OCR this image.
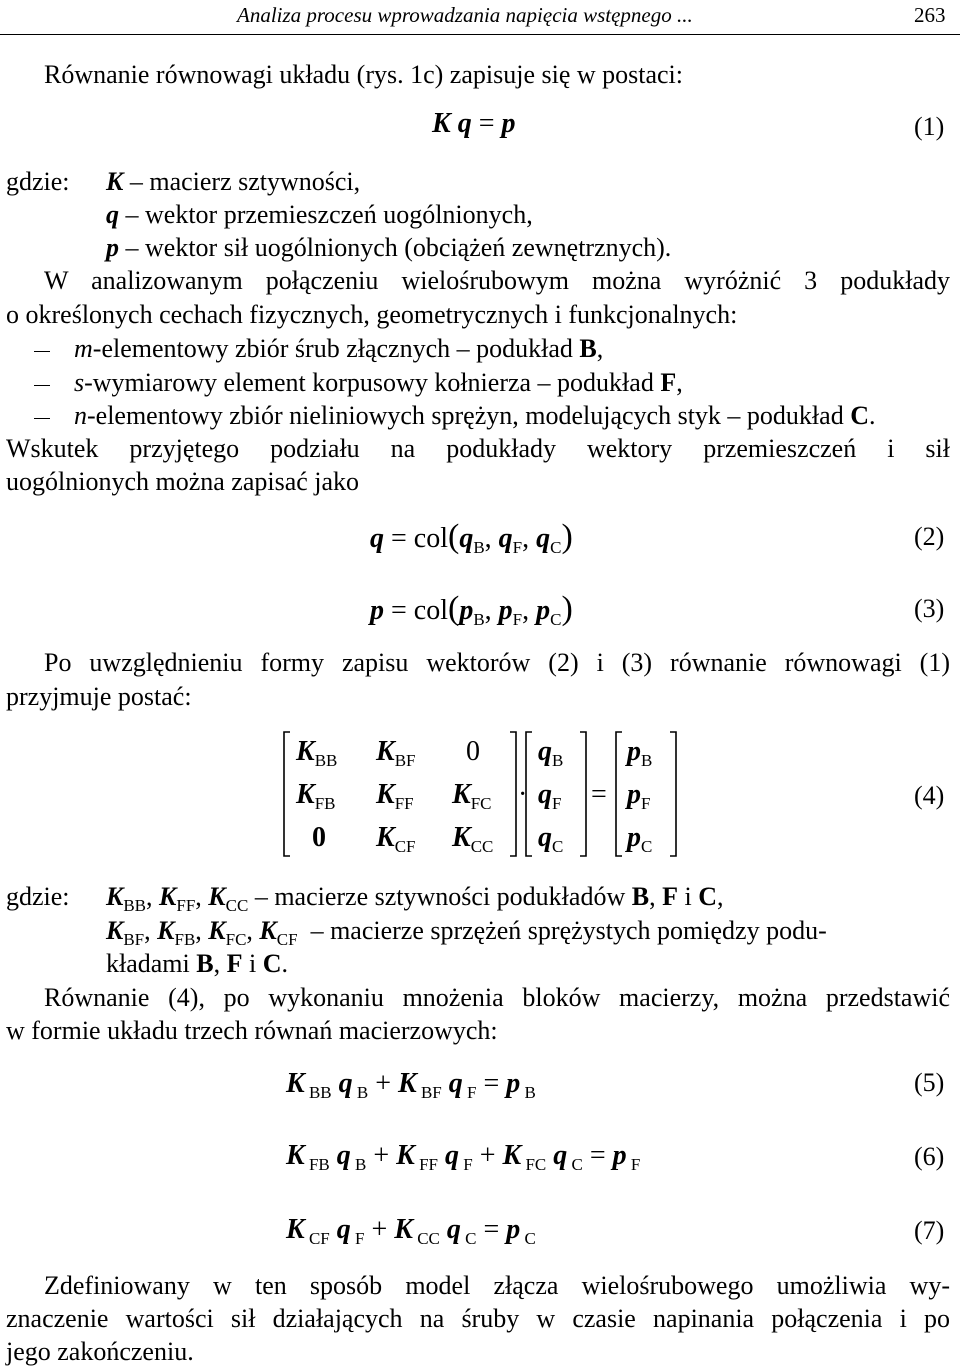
Analiza procesu wprowadzania napięcia wstępnego ...	263
Równanie równowagi układu (rys. 1c) zapisuje się w postaci:
K q = p	(1)
gdzie: K – macierz sztywności,
q – wektor przemieszczeń uogólnionych,
p – wektor sił uogólnionych (obciążeń zewnętrznych).
W analizowanym połączeniu wielośrubowym można wyróżnić 3 podukłady
o określonych cechach fizycznych, geometrycznych i funkcjonalnych:
m-elementowy zbiór śrub złącznych – podukład B,
s-wymiarowy element korpusowy kołnierza – podukład F,
n-elementowy zbiór nieliniowych sprężyn, modelujących styk – podukład C.
Wskutek przyjętego podziału na podukłady wektory przemieszczeń i sił
uogólnionych można zapisać jako
$q = col(q_B$, $q_F$, $q_C$)	(2)
$p = col(p_B$, $p_F$, $p_C$)	(3)
Po uwzględnieniu formy zapisu wektorów (2) i (3) równanie równowagi (1)
przyjmuje postać:
$K_{BB}$ $K_{BF}$ 0 $q_B$ $p_B$
$K_{FB}$ $K_{FF}$ $K_{FC} \cdot q_F = p_F$
0 $K_{CF}$ $K_{CC}$ $q_C$ $p_C$
(4)
gdzie: $K_{BB}$, $K_{FF}$, $K_{CC}$ – macierze sztywności podukładów B, F i C,
$K_{BF}$, $K_{FB}$, $K_{FC}$, $K_{CF}$ – macierze sprzężeń sprężystych pomiędzy podu-
kładami B, F i C.
Równanie (4), po wykonaniu mnożenia bloków macierzy, można przedstawić
w formie układu trzech równań macierzowych:
K $_{BB}$ q $_B$ + K $_{BF}$ q $_F$ = p $_B$	(5)
K $_{FB}$ q $_B$ + K $_{FF}$ q $_F$ + K $_{FC}$ q $_C$ = p $_F$	(6)
K $_{CF}$ q $_F$ + K $_{CC}$ q $_C$ = p $_C$	(7)
Zdefiniowany w ten sposób model złącza wielośrubowego umożliwia wy-
znaczenie wartości sił działających na śruby w czasie napinania połączenia i po
jego zakończeniu.
